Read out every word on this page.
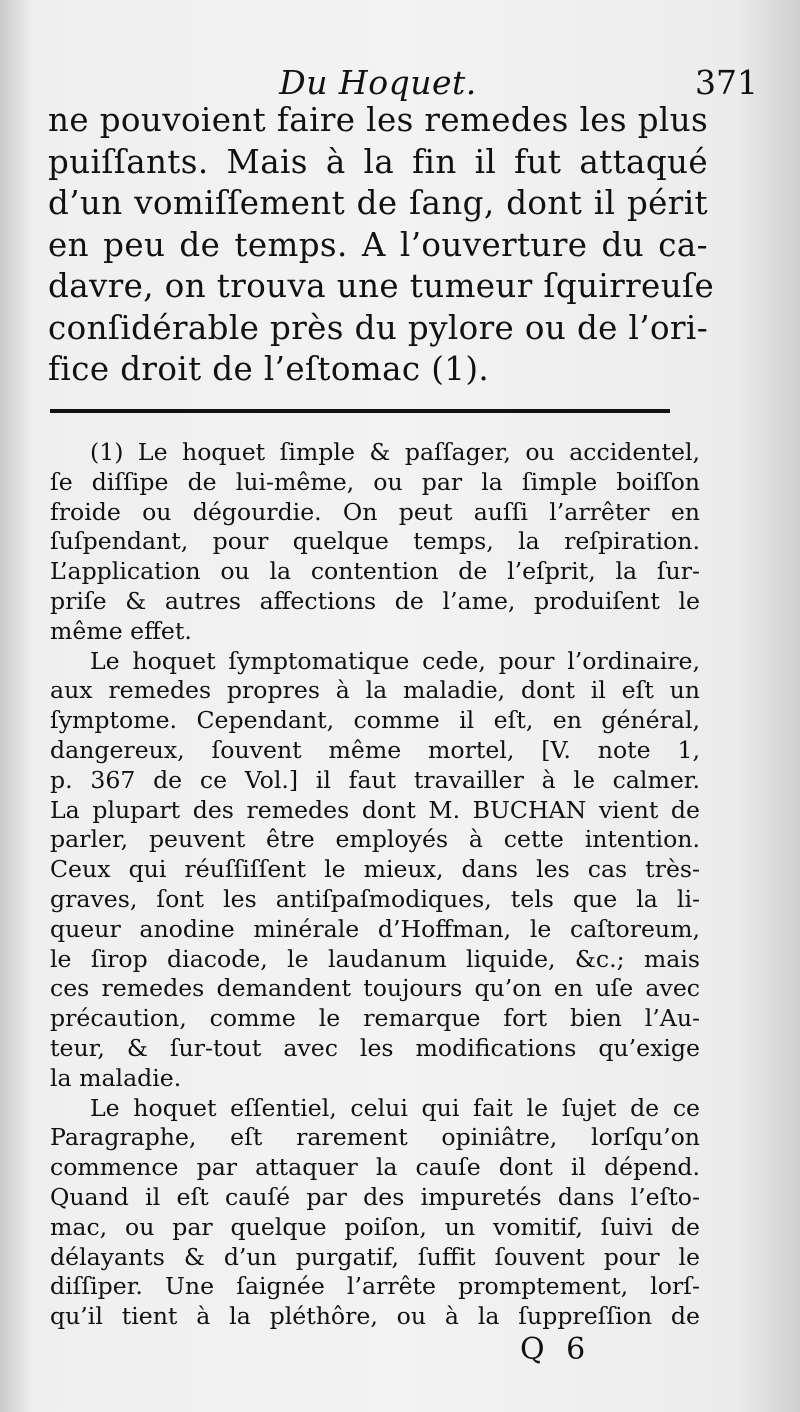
Du Hoquet.	371
ne pouvoient faire les remedes les plus
puiſſants. Mais à la fin il fut attaqué
d’un vomiſſement de ſang, dont il périt
en peu de temps. A l’ouverture du ca-
davre, on trouva une tumeur ſquirreuſe
conſidérable près du pylore ou de l’ori-
fice droit de l’eſtomac (1).
(1) Le hoquet ſimple & paſſager, ou accidentel,
ſe diſſipe de lui-même, ou par la ſimple boiſſon
froide ou dégourdie. On peut auſſi l’arrêter en
ſuſpendant, pour quelque temps, la reſpiration.
L’application ou la contention de l’eſprit, la ſur-
priſe & autres affections de l’ame, produiſent le
même effet.
Le hoquet ſymptomatique cede, pour l’ordinaire,
aux remedes propres à la maladie, dont il eſt un
ſymptome. Cependant, comme il eſt, en général,
dangereux, ſouvent même mortel, [V. note 1,
p. 367 de ce Vol.] il faut travailler à le calmer.
La plupart des remedes dont M. BUCHAN vient de
parler, peuvent être employés à cette intention.
Ceux qui réuſſiſſent le mieux, dans les cas très-
graves, ſont les antiſpaſmodiques, tels que la li-
queur anodine minérale d’Hoffman, le caſtoreum,
le ſirop diacode, le laudanum liquide, &c.; mais
ces remedes demandent toujours qu’on en uſe avec
précaution, comme le remarque fort bien l’Au-
teur, & ſur-tout avec les modifications qu’exige
la maladie.
Le hoquet eſſentiel, celui qui fait le ſujet de ce
Paragraphe, eſt rarement opiniâtre, lorſqu’on
commence par attaquer la cauſe dont il dépend.
Quand il eſt cauſé par des impuretés dans l’eſto-
mac, ou par quelque poiſon, un vomitif, ſuivi de
délayants & d’un purgatif, ſuffit ſouvent pour le
diſſiper. Une ſaignée l’arrête promptement, lorſ-
qu’il tient à la pléthôre, ou à la ſuppreſſion de
Q 6
